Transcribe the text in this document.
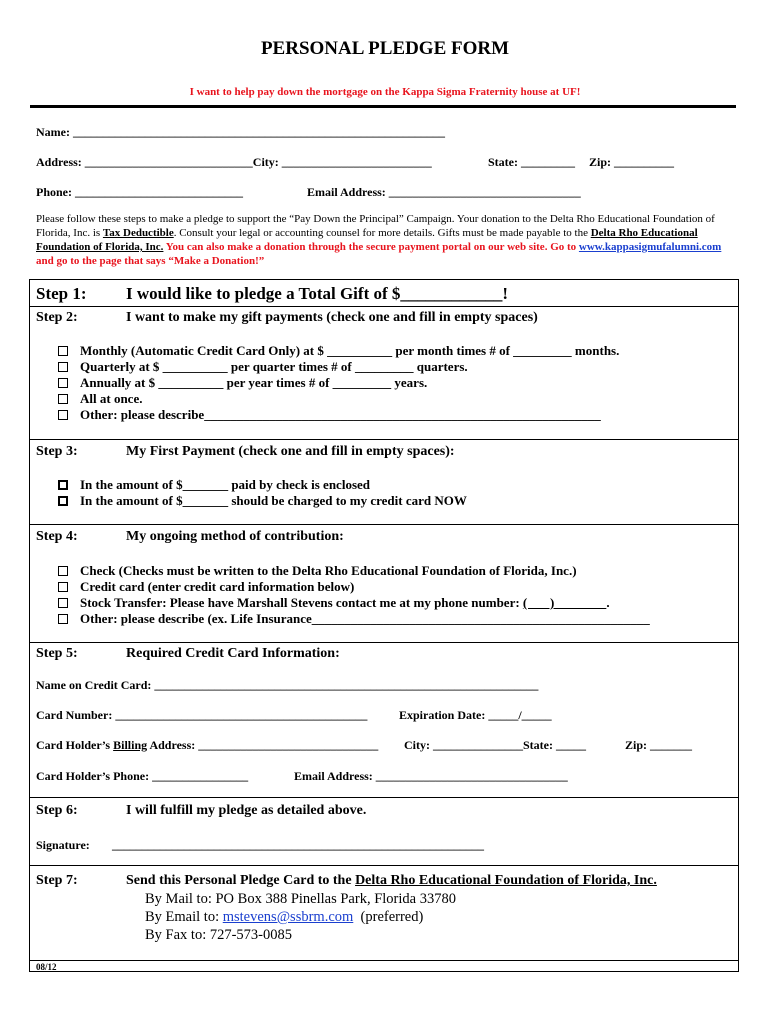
PERSONAL PLEDGE FORM
I want to help pay down the mortgage on the Kappa Sigma Fraternity house at UF!
Name: ______________________________________________________________
Address: ____________________________City: _________________________	State: _________ Zip: __________
Phone: ____________________________	Email Address: ________________________________
Please follow these steps to make a pledge to support the “Pay Down the Principal” Campaign. Your donation to the Delta Rho Educational Foundation of Florida, Inc. is Tax Deductible. Consult your legal or accounting counsel for more details. Gifts must be made payable to the Delta Rho Educational Foundation of Florida, Inc. You can also make a donation through the secure payment portal on our web site. Go to www.kappasigmufalumni.com and go to the page that says “Make a Donation!”
Step 1: I would like to pledge a Total Gift of $____________!
Step 2:	I want to make my gift payments (check one and fill in empty spaces)
Monthly (Automatic Credit Card Only) at $ __________ per month times # of _________ months.
Quarterly at $ __________ per quarter times # of _________ quarters.
Annually at $ __________ per year times # of _________ years.
All at once.
Other: please describe_____________________________________________________________
Step 3:	My First Payment (check one and fill in empty spaces):
In the amount of $_______ paid by check is enclosed
In the amount of $_______ should be charged to my credit card NOW
Step 4:	My ongoing method of contribution:
Check (Checks must be written to the Delta Rho Educational Foundation of Florida, Inc.)
Credit card (enter credit card information below)
Stock Transfer: Please have Marshall Stevens contact me at my phone number: (       )                .
Other: please describe (ex. Life Insurance____________________________________________________
Step 5:	Required Credit Card Information:
Name on Credit Card: ________________________________________________________________
Card Number: __________________________________________	Expiration Date: _____/_____
Card Holder’s Billing Address: ______________________________ City: _______________State: _____	Zip: _______
Card Holder’s Phone: ________________	Email Address: ________________________________
Step 6:	I will fulfill my pledge as detailed above.
Signature: ______________________________________________________________
Step 7:	Send this Personal Pledge Card to the Delta Rho Educational Foundation of Florida, Inc.
By Mail to: PO Box 388 Pinellas Park, Florida 33780
By Email to: mstevens@ssbrm.com  (preferred)
By Fax to: 727-573-0085
08/12
